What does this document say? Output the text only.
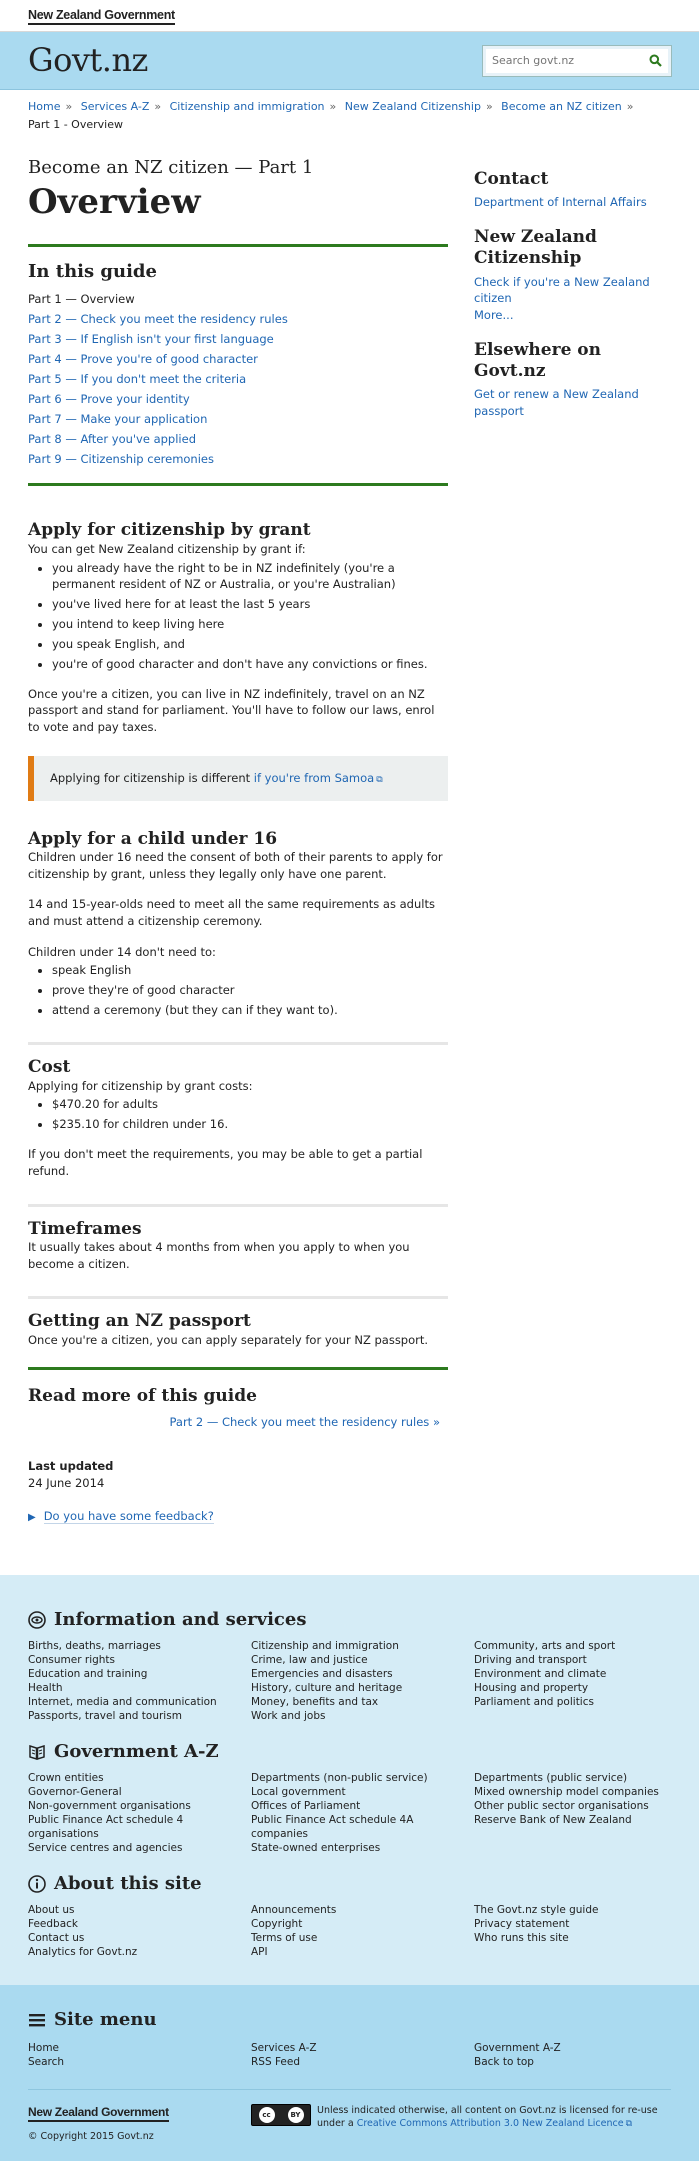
New Zealand Government
Govt.nz
Search govt.nz
Home » Services A-Z » Citizenship and immigration » New Zealand Citizenship » Become an NZ citizen »
Part 1 - Overview
Become an NZ citizen — Part 1
Overview
In this guide
Part 1 — Overview
Part 2 — Check you meet the residency rules
Part 3 — If English isn't your first language
Part 4 — Prove you're of good character
Part 5 — If you don't meet the criteria
Part 6 — Prove your identity
Part 7 — Make your application
Part 8 — After you've applied
Part 9 — Citizenship ceremonies
Apply for citizenship by grant

You can get New Zealand citizenship by grant if:

• you already have the right to be in NZ indefinitely (you're a permanent resident of NZ or Australia, or you're Australian)
• you've lived here for at least the last 5 years
• you intend to keep living here
• you speak English, and
• you're of good character and don't have any convictions or fines.

Once you're a citizen, you can live in NZ indefinitely, travel on an NZ passport and stand for parliament. You'll have to follow our laws, enrol to vote and pay taxes.

Applying for citizenship is different if you're from Samoa ⧉
Apply for a child under 16

Children under 16 need the consent of both of their parents to apply for citizenship by grant, unless they legally only have one parent.

14 and 15-year-olds need to meet all the same requirements as adults and must attend a citizenship ceremony.

Children under 14 don't need to:

• speak English
• prove they're of good character
• attend a ceremony (but they can if they want to).
Cost

Applying for citizenship by grant costs:

• $470.20 for adults
• $235.10 for children under 16.

If you don't meet the requirements, you may be able to get a partial refund.

Timeframes

It usually takes about 4 months from when you apply to when you become a citizen.

Getting an NZ passport

Once you're a citizen, you can apply separately for your NZ passport.

Read more of this guide
Part 2 — Check you meet the residency rules »
Last updated
24 June 2014
▶ Do you have some feedback?
Contact
Department of Internal Affairs
New Zealand Citizenship
Check if you're a New Zealand citizen
More...
Elsewhere on Govt.nz
Get or renew a New Zealand passport
Information and services
Births, deaths, marriages
Consumer rights
Education and training
Health
Internet, media and communication
Passports, travel and tourism
Citizenship and immigration
Crime, law and justice
Emergencies and disasters
History, culture and heritage
Money, benefits and tax
Work and jobs
Community, arts and sport
Driving and transport
Environment and climate
Housing and property
Parliament and politics
Government A-Z
Crown entities
Governor-General
Non-government organisations
Public Finance Act schedule 4 organisations
Service centres and agencies
Departments (non-public service)
Local government
Offices of Parliament
Public Finance Act schedule 4A companies
State-owned enterprises
Departments (public service)
Mixed ownership model companies
Other public sector organisations
Reserve Bank of New Zealand
About this site
About us
Feedback
Contact us
Analytics for Govt.nz
Announcements
Copyright
Terms of use
API
The Govt.nz style guide
Privacy statement
Who runs this site
Site menu
Home
Search
Services A-Z
RSS Feed
Government A-Z
Back to top
New Zealand Government
© Copyright 2015 Govt.nz
cc	BY	Unless indicated otherwise, all content on Govt.nz is licensed for re-use under a Creative Commons Attribution 3.0 New Zealand Licence ⧉
